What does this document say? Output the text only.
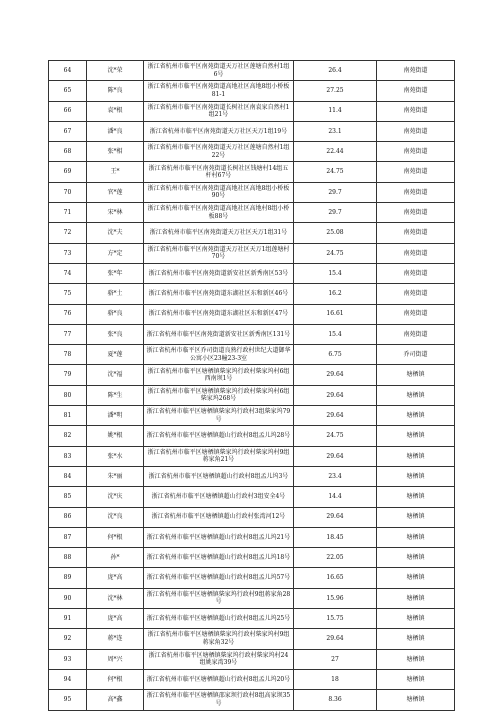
64	沈*荣	浙江省杭州市临平区南苑街道天万社区莲塘自然村1组6号	26.4	南苑街道
65	陈*良	浙江省杭州市临平区南苑街道高地社区高地8组小桥板81-1	27.25	南苑街道
66	袁*根	浙江省杭州市临平区南苑街道长树社区南袁家自然村1组21号	11.4	南苑街道
67	潘*良	浙江省杭州市临平区南苑街道天万社区天万1组19号	23.1	南苑街道
68	张*相	浙江省杭州市临平区南苑街道天万社区莲塘自然村1组22号	22.44	南苑街道
69	王*	浙江省杭州市临平区南苑街道长树社区钱塘村14组五杆村67号	24.75	南苑街道
70	官*莲	浙江省杭州市临平区南苑街道高地社区高地8组小桥板90号	29.7	南苑街道
71	宋*林	浙江省杭州市临平区南苑街道高地社区高地村8组小桥板88号	29.7	南苑街道
72	沈*夫	浙江省杭州市临平区南苑街道天万社区天万1组31号	25.08	南苑街道
73	方*定	浙江省杭州市临平区南苑街道天万社区天万1组莲塘村70号	24.75	南苑街道
74	张*年	浙江省杭州市临平区南苑街道新安社区新秀南区53号	15.4	南苑街道
75	骆*土	浙江省杭州市临平区南苑街道东湖社区东和新区46号	16.2	南苑街道
76	骆*良	浙江省杭州市临平区南苑街道东湖社区东和新区47号	16.61	南苑街道
77	张*良	浙江省杭州市临平区南苑街道新安社区新秀南区131号	15.4	南苑街道
78	夏*莲	浙江省杭州市临平区乔司街道良熟行政村世纪大道御华公寓小区23幢23-3室	6.75	乔司街道
79	沈*福	浙江省杭州市临平区塘栖镇柴家坞行政村柴家坞村6组西南坝1号	29.64	塘栖镇
80	陈*生	浙江省杭州市临平区塘栖镇柴家坞行政村柴家坞村6组柴家坞268号	29.64	塘栖镇
81	潘*明	浙江省杭州市临平区塘栖镇柴家坞行政村3组柴家坞79号	29.64	塘栖镇
82	姚*根	浙江省杭州市临平区塘栖镇超山行政村8组孟儿坞28号	24.75	塘栖镇
83	张*水	浙江省杭州市临平区塘栖镇柴家坞行政村柴家坞村9组蒋家角21号	29.64	塘栖镇
84	朱*丽	浙江省杭州市临平区塘栖镇超山行政村8组孟儿坞3号	23.4	塘栖镇
85	沈*庆	浙江省杭州市临平区塘栖镇超山行政村3组安全4号	14.4	塘栖镇
86	沈*良	浙江省杭州市临平区塘栖镇超山行政村张湾河12号	29.64	塘栖镇
87	何*根	浙江省杭州市临平区塘栖镇超山行政村8组孟儿坞21号	18.45	塘栖镇
88	孙*	浙江省杭州市临平区塘栖镇超山行政村8组孟儿坞18号	22.05	塘栖镇
89	庞*高	浙江省杭州市临平区塘栖镇超山行政村8组孟儿坞57号	16.65	塘栖镇
90	沈*林	浙江省杭州市临平区塘栖镇柴家坞行政村9组蒋家角28号	15.96	塘栖镇
91	庞*高	浙江省杭州市临平区塘栖镇超山行政村8组孟儿坞25号	15.75	塘栖镇
92	蒋*连	浙江省杭州市临平区塘栖镇柴家坞行政村柴家坞村9组蒋家角32号	29.64	塘栖镇
93	周*兴	浙江省杭州市临平区塘栖镇柴家坞行政村柴家坞村24组姚家湾39号	27	塘栖镇
94	何*根	浙江省杭州市临平区塘栖镇超山行政村8组孟儿坞20号	18	塘栖镇
95	高*鑫	浙江省杭州市临平区塘栖镇邵家坝行政村8组高家坝35号	8.36	塘栖镇
